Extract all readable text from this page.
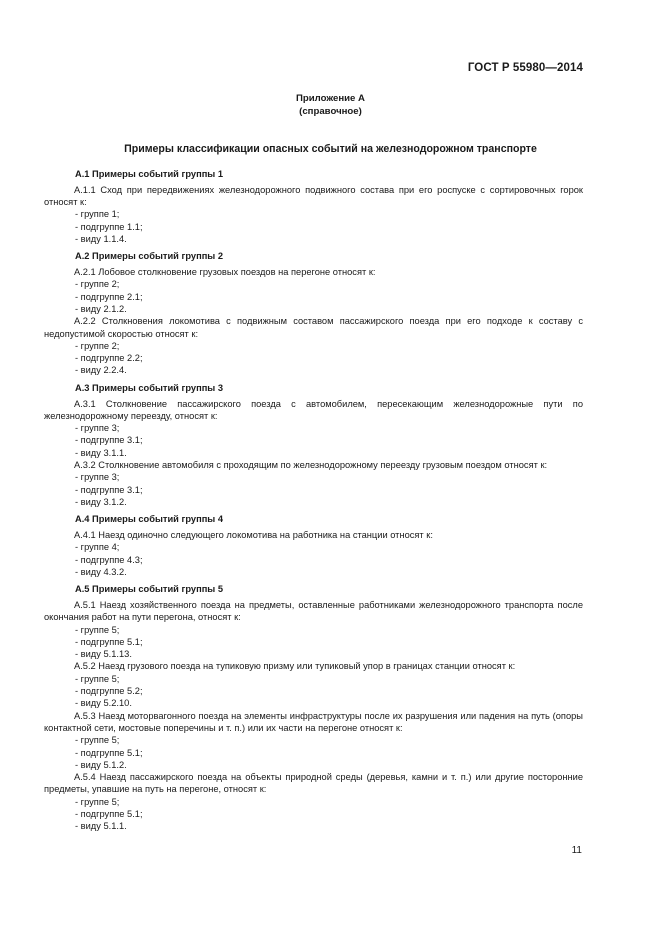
ГОСТ Р 55980—2014
Приложение А
(справочное)
Примеры классификации опасных событий на железнодорожном транспорте
А.1 Примеры событий группы 1
А.1.1 Сход при передвижениях железнодорожного подвижного состава при его роспуске с сортировочных горок относят к:
- группе 1;
- подгруппе 1.1;
- виду 1.1.4.
А.2 Примеры событий группы 2
А.2.1 Лобовое столкновение грузовых поездов на перегоне относят к:
- группе 2;
- подгруппе 2.1;
- виду 2.1.2.
А.2.2 Столкновения локомотива с подвижным составом пассажирского поезда при его подходе к составу с недопустимой скоростью относят к:
- группе 2;
- подгруппе 2.2;
- виду 2.2.4.
А.3 Примеры событий группы 3
А.3.1 Столкновение пассажирского поезда с автомобилем, пересекающим железнодорожные пути по железнодорожному переезду, относят к:
- группе 3;
- подгруппе 3.1;
- виду 3.1.1.
А.3.2 Столкновение автомобиля с проходящим по железнодорожному переезду грузовым поездом относят к:
- группе 3;
- подгруппе 3.1;
- виду 3.1.2.
А.4 Примеры событий группы 4
А.4.1 Наезд одиночно следующего локомотива на работника на станции относят к:
- группе 4;
- подгруппе 4.3;
- виду 4.3.2.
А.5 Примеры событий группы 5
А.5.1 Наезд хозяйственного поезда на предметы, оставленные работниками железнодорожного транспорта после окончания работ на пути перегона, относят к:
- группе 5;
- подгруппе 5.1;
- виду 5.1.13.
А.5.2 Наезд грузового поезда на тупиковую призму или тупиковый упор в границах станции относят к:
- группе 5;
- подгруппе 5.2;
- виду 5.2.10.
А.5.3 Наезд моторвагонного поезда на элементы инфраструктуры после их разрушения или падения на путь (опоры контактной сети, мостовые поперечины и т. п.) или их части на перегоне относят к:
- группе 5;
- подгруппе 5.1;
- виду 5.1.2.
А.5.4 Наезд пассажирского поезда на объекты природной среды (деревья, камни и т. п.) или другие посторонние предметы, упавшие на путь на перегоне, относят к:
- группе 5;
- подгруппе 5.1;
- виду 5.1.1.
11
